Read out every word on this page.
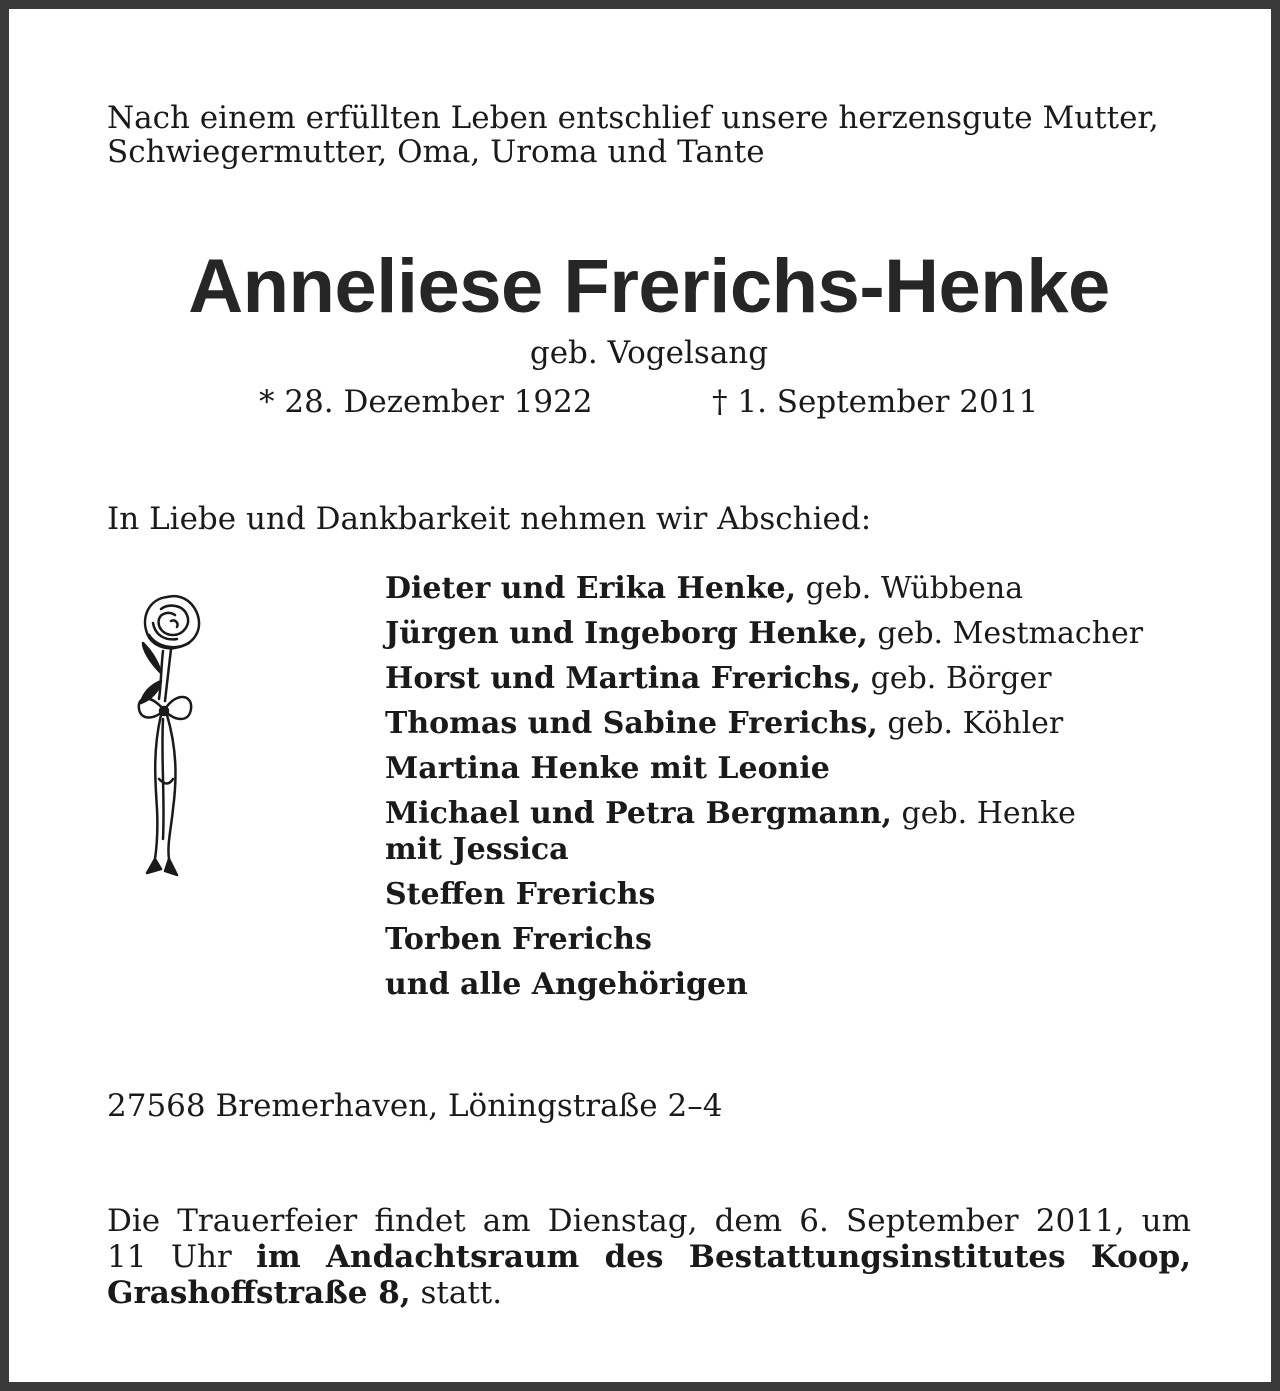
Nach einem erfüllten Leben entschlief unsere herzensgute Mutter,
Schwiegermutter, Oma, Uroma und Tante
Anneliese Frerichs-Henke
geb. Vogelsang
* 28. Dezember 1922	† 1. September 2011
In Liebe und Dankbarkeit nehmen wir Abschied:
Dieter und Erika Henke, geb. Wübbena
Jürgen und Ingeborg Henke, geb. Mestmacher
Horst und Martina Frerichs, geb. Börger
Thomas und Sabine Frerichs, geb. Köhler
Martina Henke mit Leonie
Michael und Petra Bergmann, geb. Henke
mit Jessica
Steffen Frerichs
Torben Frerichs
und alle Angehörigen
27568 Bremerhaven, Löningstraße 2–4
Die Trauerfeier findet am Dienstag, dem 6. September 2011, um
11 Uhr im Andachtsraum des Bestattungsinstitutes Koop,
Grashoffstraße 8, statt.
